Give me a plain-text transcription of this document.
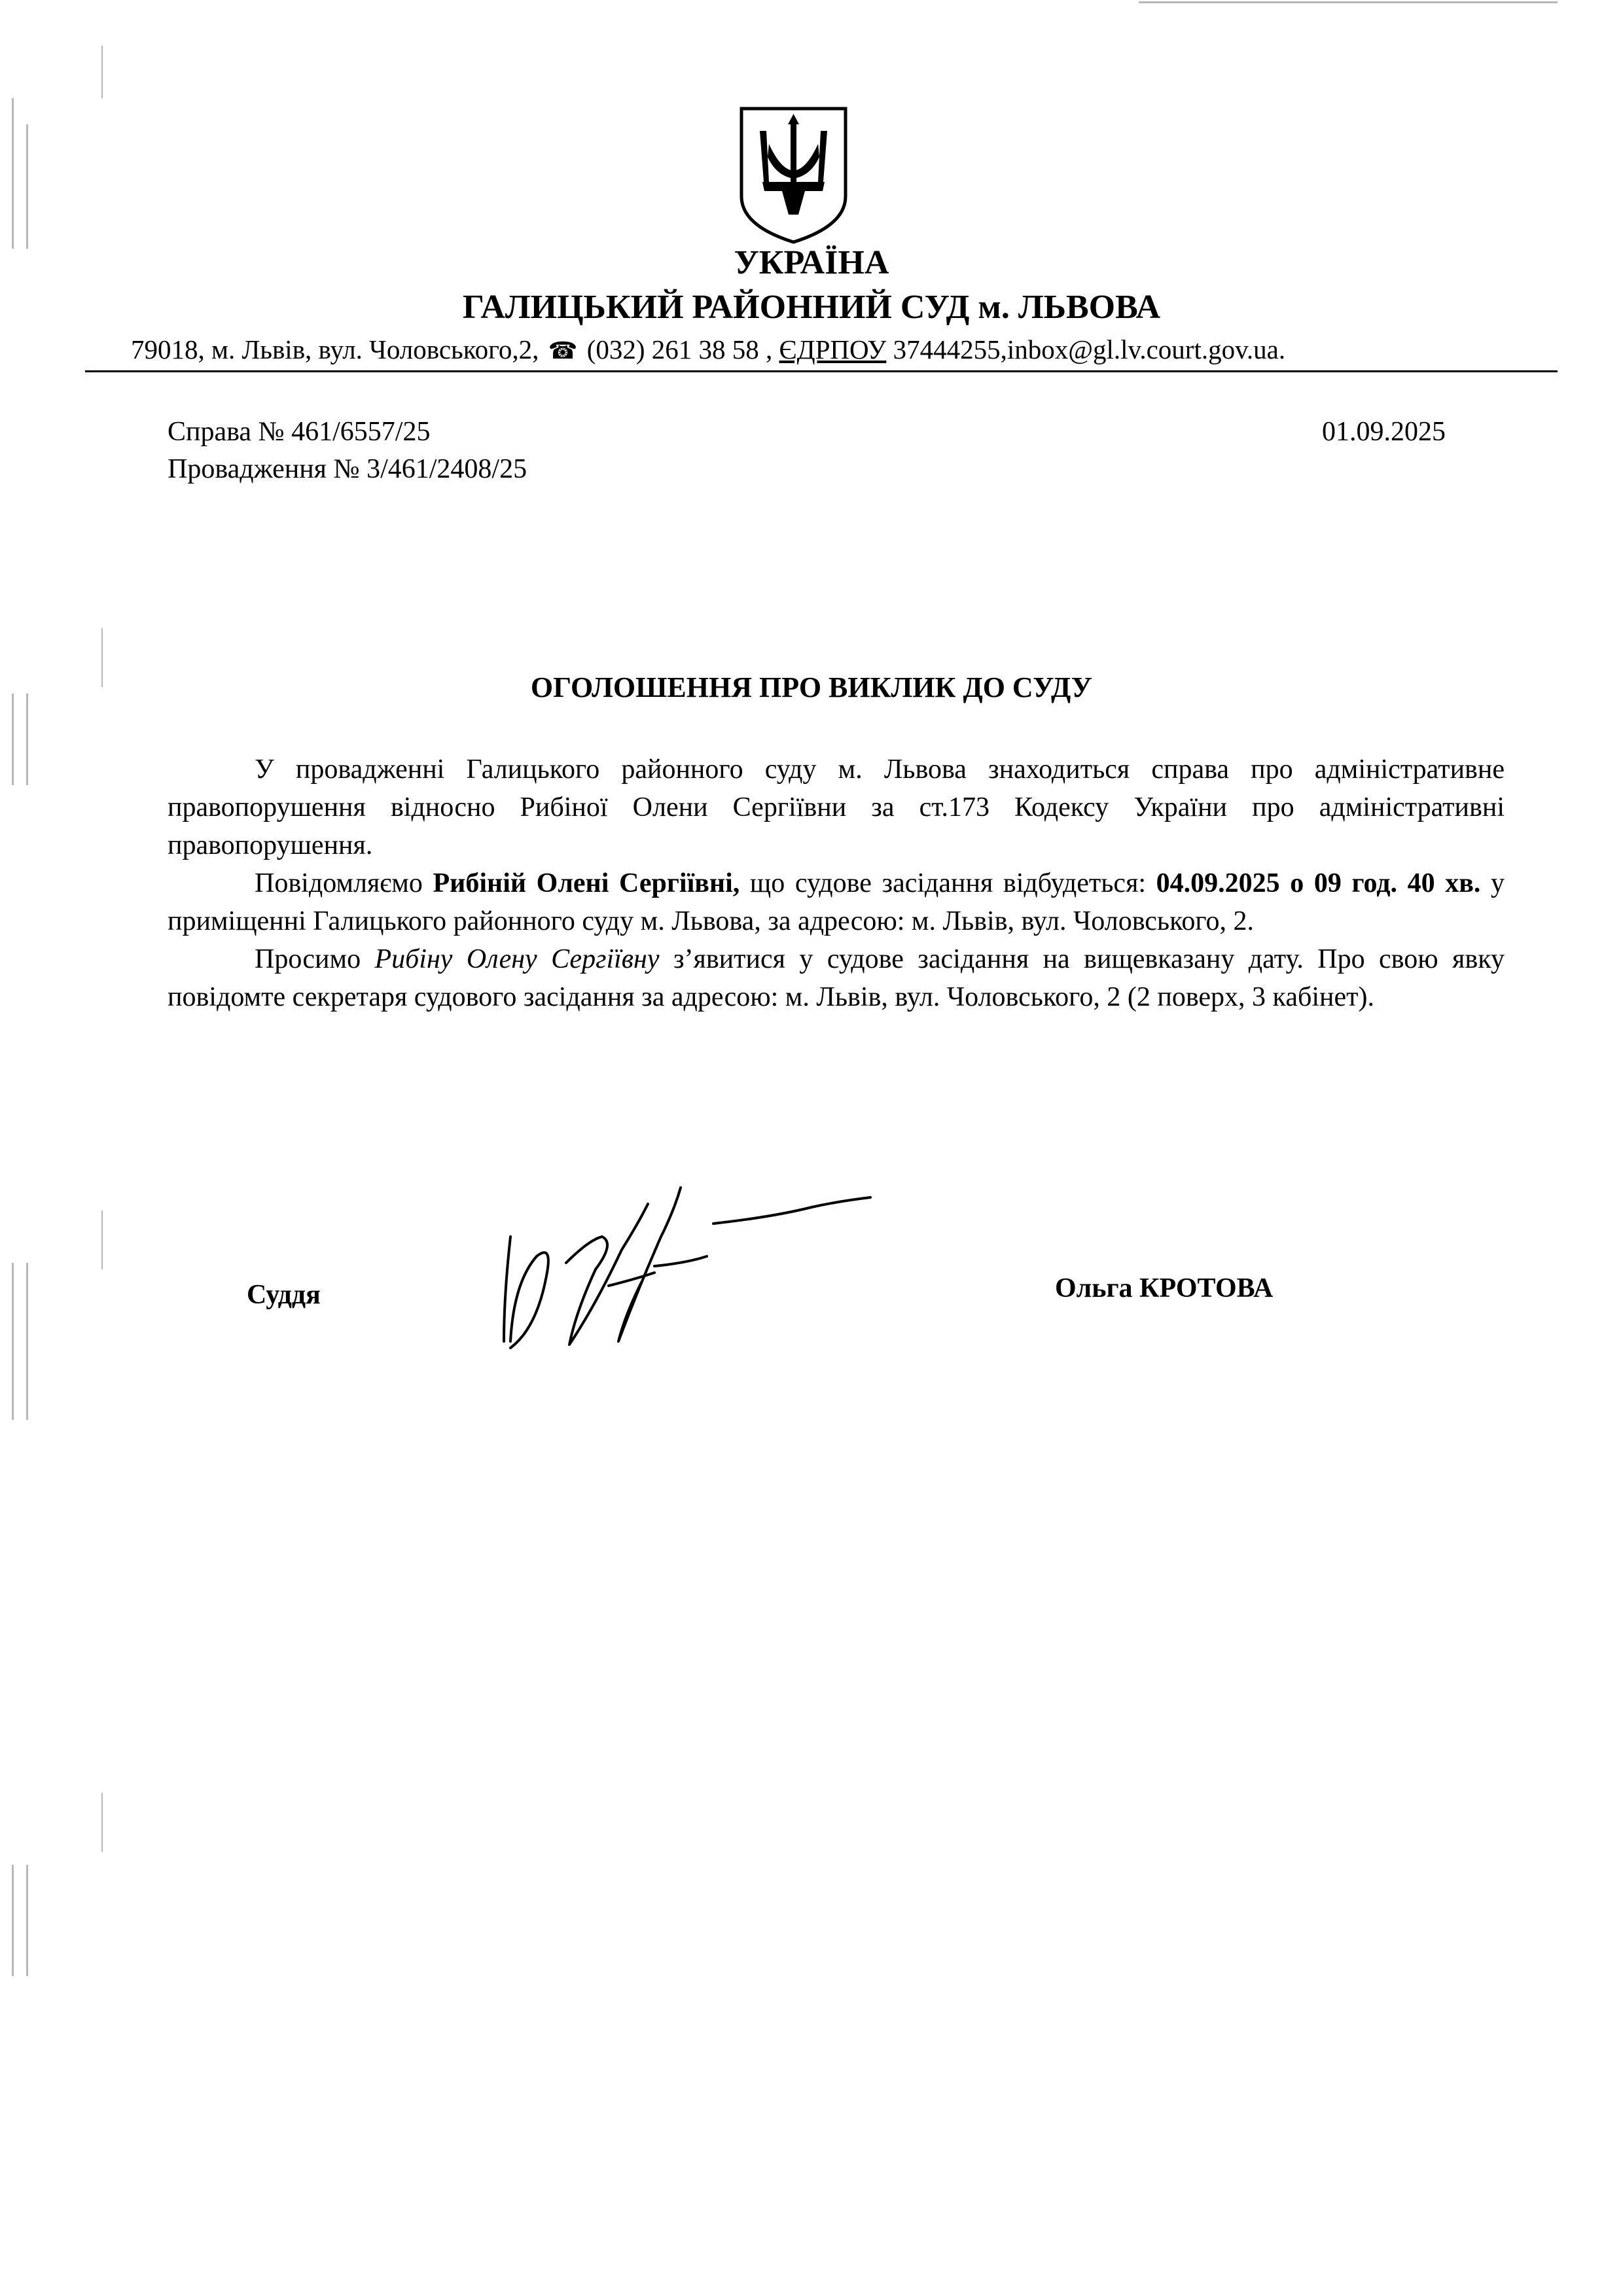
УКРАЇНА
ГАЛИЦЬКИЙ РАЙОННИЙ СУД м. ЛЬВОВА
79018, м. Львів, вул. Чоловського,2, ☎ (032) 261 38 58 , ЄДРПОУ 37444255,inbox@gl.lv.court.gov.ua.
Справа № 461/6557/25
Провадження № 3/461/2408/25
01.09.2025
ОГОЛОШЕННЯ ПРО ВИКЛИК ДО СУДУ

У провадженні Галицького районного суду м. Львова знаходиться справа про адміністративне правопорушення відносно Рибіної Олени Сергіївни за ст.173 Кодексу України про адміністративні правопорушення.

Повідомляємо Рибіній Олені Сергіївні, що судове засідання відбудеться: 04.09.2025 о 09 год. 40 хв. у приміщенні Галицького районного суду м. Львова, за адресою: м. Львів, вул. Чоловського, 2.

Просимо Рибіну Олену Сергіївну з’явитися у судове засідання на вищевказану дату. Про свою явку повідомте секретаря судового засідання за адресою: м. Львів, вул. Чоловського, 2 (2 поверх, 3 кабінет).

Суддя	Ольга КРОТОВА
